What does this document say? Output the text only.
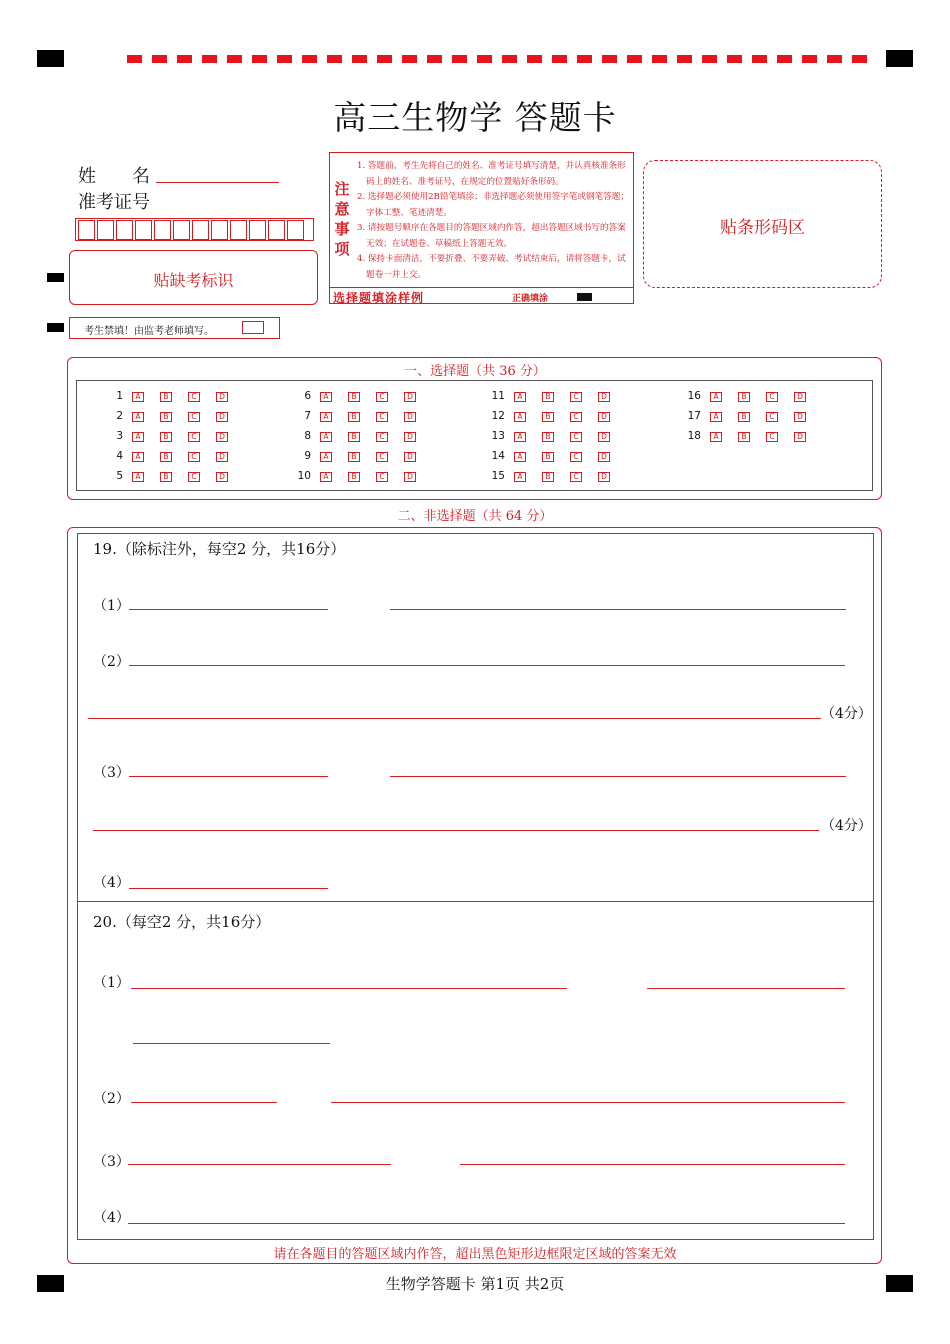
高三生物学 答题卡
姓　　名
准考证号
贴缺考标识
考生禁填！由监考老师填写。
注意事项

1. 答题前，考生先将自己的姓名、准考证号填写清楚，并认真核准条形码上的姓名、准考证号，在规定的位置贴好条形码。

2. 选择题必须使用2B铅笔填涂；非选择题必须使用签字笔或钢笔答题；字体工整、笔迹清楚。

3. 请按题号顺序在各题目的答题区域内作答，超出答题区域书写的答案无效；在试题卷、草稿纸上答题无效。

4. 保持卡面清洁，不要折叠、不要弄破、考试结束后，请将答题卡，试题卷一并上交。

选择题填涂样例	正确填涂
贴条形码区
一、选择题（共 36 分）
1	A	B	C	D
2	A	B	C	D
3	A	B	C	D
4	A	B	C	D
5	A	B	C	D
6	A	B	C	D
7	A	B	C	D
8	A	B	C	D
9	A	B	C	D
10	A	B	C	D
11	A	B	C	D
12	A	B	C	D
13	A	B	C	D
14	A	B	C	D
15	A	B	C	D
16	A	B	C	D
17	A	B	C	D
18	A	B	C	D
二、非选择题（共 64 分）
19.（除标注外，每空2 分，共16分）
（1）
（2）
（4分）
（3）
（4分）
（4）
20.（每空2 分，共16分）
（1）
（2）
（3）
（4）
请在各题目的答题区域内作答，超出黑色矩形边框限定区域的答案无效
生物学答题卡 第1页 共2页
